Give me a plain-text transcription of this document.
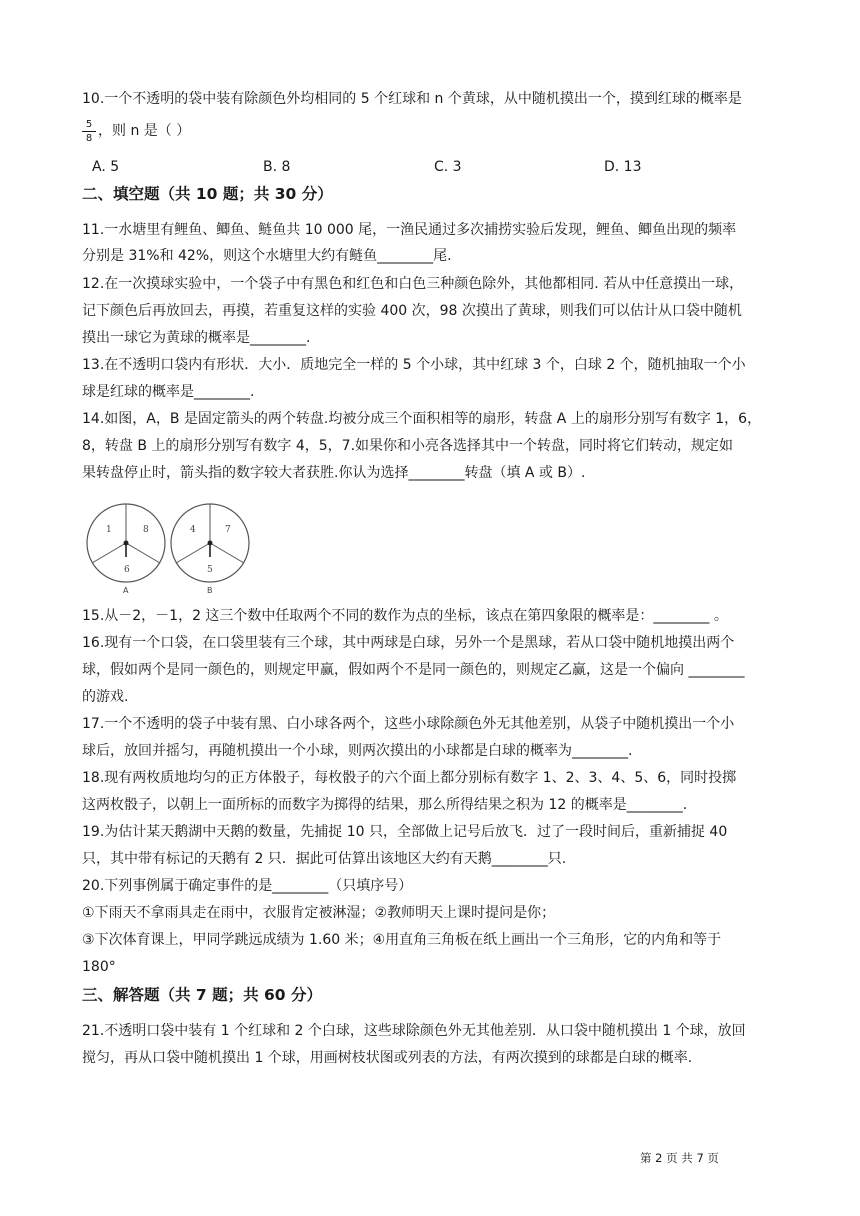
10.一个不透明的袋中装有除颜色外均相同的 5 个红球和 n 个黄球，从中随机摸出一个，摸到红球的概率是
5
8 ，则 n 是（ ）
A. 5	B. 8	C. 3	D. 13
二、填空题（共 10 题；共 30 分）
11.一水塘里有鲤鱼、鲫鱼、鲢鱼共 10 000 尾，一渔民通过多次捕捞实验后发现，鲤鱼、鲫鱼出现的频率
分别是 31%和 42%，则这个水塘里大约有鲢鱼________尾.
12.在一次摸球实验中，一个袋子中有黑色和红色和白色三种颜色除外，其他都相同. 若从中任意摸出一球，
记下颜色后再放回去，再摸，若重复这样的实验 400 次，98 次摸出了黄球，则我们可以估计从口袋中随机
摸出一球它为黄球的概率是________.
13.在不透明口袋内有形状．大小．质地完全一样的 5 个小球，其中红球 3 个，白球 2 个，随机抽取一个小
球是红球的概率是________.
14.如图，A，B 是固定箭头的两个转盘.均被分成三个面积相等的扇形，转盘 A 上的扇形分别写有数字 1，6，
8，转盘 B 上的扇形分别写有数字 4，5，7.如果你和小亮各选择其中一个转盘，同时将它们转动，规定如
果转盘停止时，箭头指的数字较大者获胜.你认为选择________转盘（填 A 或 B）.
1	8
6
A
4	7
5
B
15.从－2，－1，2 这三个数中任取两个不同的数作为点的坐标，该点在第四象限的概率是：________ 。
16.现有一个口袋，在口袋里装有三个球，其中两球是白球，另外一个是黑球，若从口袋中随机地摸出两个
球，假如两个是同一颜色的，则规定甲赢，假如两个不是同一颜色的，则规定乙赢，这是一个偏向 ________
的游戏.
17.一个不透明的袋子中装有黑、白小球各两个，这些小球除颜色外无其他差别，从袋子中随机摸出一个小
球后，放回并摇匀，再随机摸出一个小球，则两次摸出的小球都是白球的概率为________.
18.现有两枚质地均匀的正方体骰子，每枚骰子的六个面上都分别标有数字 1、2、3、4、5、6，同时投掷
这两枚骰子，以朝上一面所标的而数字为掷得的结果，那么所得结果之积为 12 的概率是________.
19.为估计某天鹅湖中天鹅的数量，先捕捉 10 只，全部做上记号后放飞．过了一段时间后，重新捕捉 40
只，其中带有标记的天鹅有 2 只．据此可估算出该地区大约有天鹅________只.
20.下列事例属于确定事件的是________（只填序号）
①下雨天不拿雨具走在雨中，衣服肯定被淋湿；②教师明天上课时提问是你；
③下次体育课上，甲同学跳远成绩为 1.60 米；④用直角三角板在纸上画出一个三角形，它的内角和等于
180°
三、解答题（共 7 题；共 60 分）
21.不透明口袋中装有 1 个红球和 2 个白球，这些球除颜色外无其他差别．从口袋中随机摸出 1 个球，放回
搅匀，再从口袋中随机摸出 1 个球，用画树枝状图或列表的方法，有两次摸到的球都是白球的概率.
第 2 页 共 7 页
